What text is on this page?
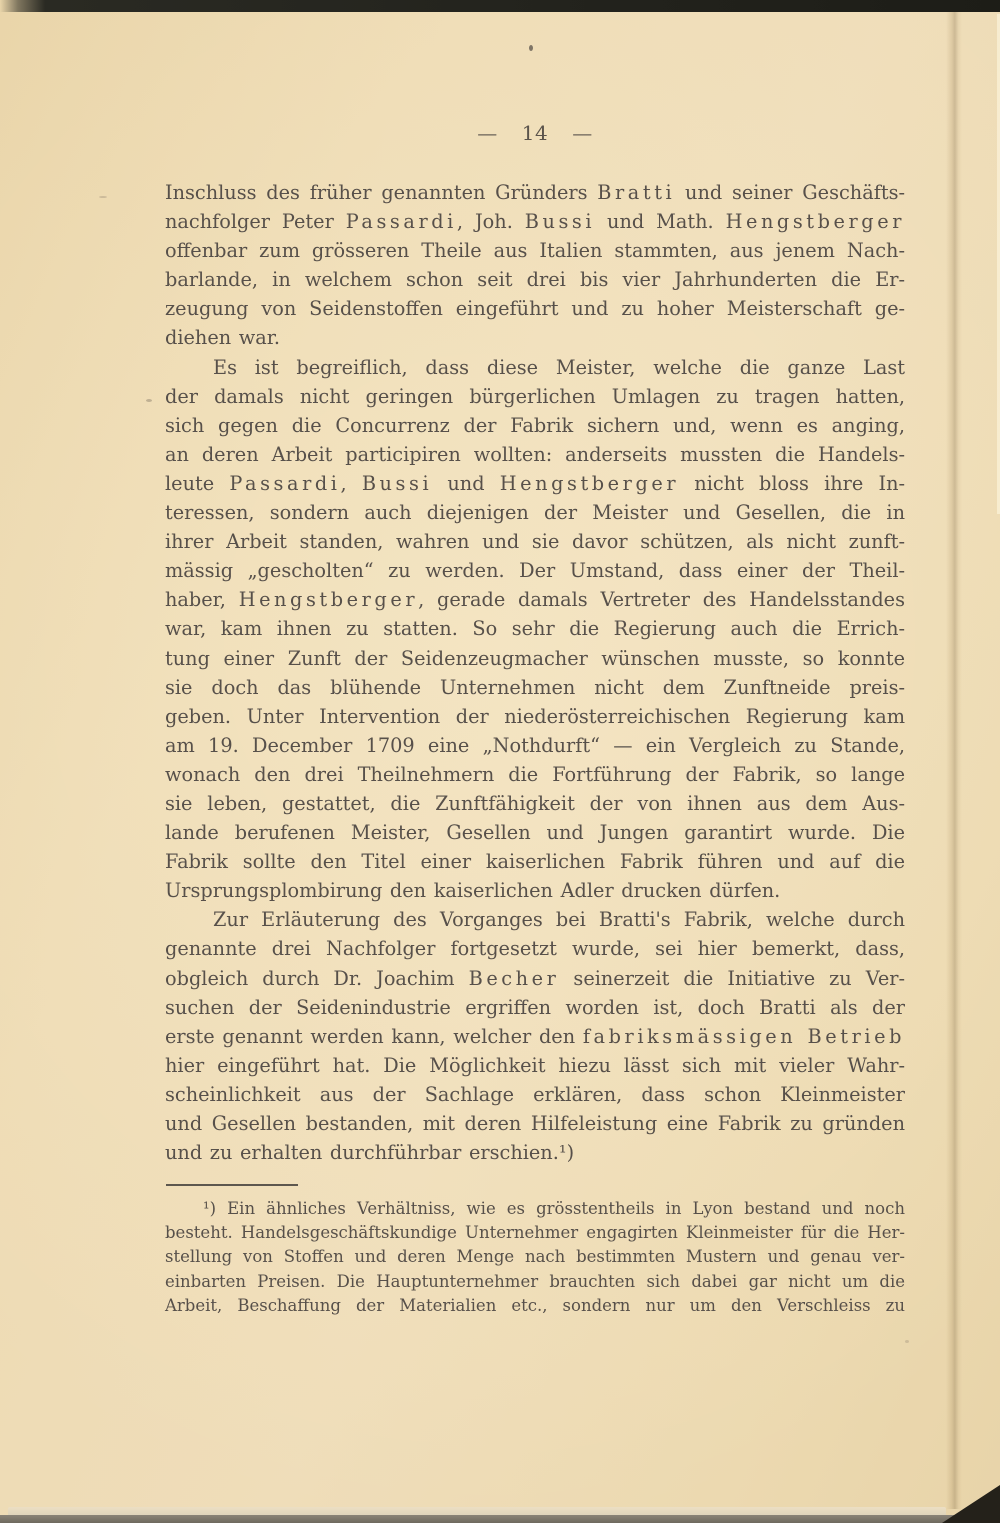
— 14 —
Inschluss des früher genannten Gründers Bratti und seiner Geschäfts-
nachfolger Peter Passardi, Joh. Bussi und Math. Hengstberger
offenbar zum grösseren Theile aus Italien stammten, aus jenem Nach-
barlande, in welchem schon seit drei bis vier Jahrhunderten die Er-
zeugung von Seidenstoffen eingeführt und zu hoher Meisterschaft ge-
diehen war.
Es ist begreiflich, dass diese Meister, welche die ganze Last
der damals nicht geringen bürgerlichen Umlagen zu tragen hatten,
sich gegen die Concurrenz der Fabrik sichern und, wenn es anging,
an deren Arbeit participiren wollten: anderseits mussten die Handels-
leute Passardi, Bussi und Hengstberger nicht bloss ihre In-
teressen, sondern auch diejenigen der Meister und Gesellen, die in
ihrer Arbeit standen, wahren und sie davor schützen, als nicht zunft-
mässig „gescholten“ zu werden. Der Umstand, dass einer der Theil-
haber, Hengstberger, gerade damals Vertreter des Handelsstandes
war, kam ihnen zu statten. So sehr die Regierung auch die Errich-
tung einer Zunft der Seidenzeugmacher wünschen musste, so konnte
sie doch das blühende Unternehmen nicht dem Zunftneide preis-
geben. Unter Intervention der niederösterreichischen Regierung kam
am 19. December 1709 eine „Nothdurft“ — ein Vergleich zu Stande,
wonach den drei Theilnehmern die Fortführung der Fabrik, so lange
sie leben, gestattet, die Zunftfähigkeit der von ihnen aus dem Aus-
lande berufenen Meister, Gesellen und Jungen garantirt wurde. Die
Fabrik sollte den Titel einer kaiserlichen Fabrik führen und auf die
Ursprungsplombirung den kaiserlichen Adler drucken dürfen.
Zur Erläuterung des Vorganges bei Bratti's Fabrik, welche durch
genannte drei Nachfolger fortgesetzt wurde, sei hier bemerkt, dass,
obgleich durch Dr. Joachim Becher seinerzeit die Initiative zu Ver-
suchen der Seidenindustrie ergriffen worden ist, doch Bratti als der
erste genannt werden kann, welcher den fabriksmässigen Betrieb
hier eingeführt hat. Die Möglichkeit hiezu lässt sich mit vieler Wahr-
scheinlichkeit aus der Sachlage erklären, dass schon Kleinmeister
und Gesellen bestanden, mit deren Hilfeleistung eine Fabrik zu gründen
und zu erhalten durchführbar erschien.¹)
¹) Ein ähnliches Verhältniss, wie es grösstentheils in Lyon bestand und noch
besteht. Handelsgeschäftskundige Unternehmer engagirten Kleinmeister für die Her-
stellung von Stoffen und deren Menge nach bestimmten Mustern und genau ver-
einbarten Preisen. Die Hauptunternehmer brauchten sich dabei gar nicht um die
Arbeit, Beschaffung der Materialien etc., sondern nur um den Verschleiss zu
